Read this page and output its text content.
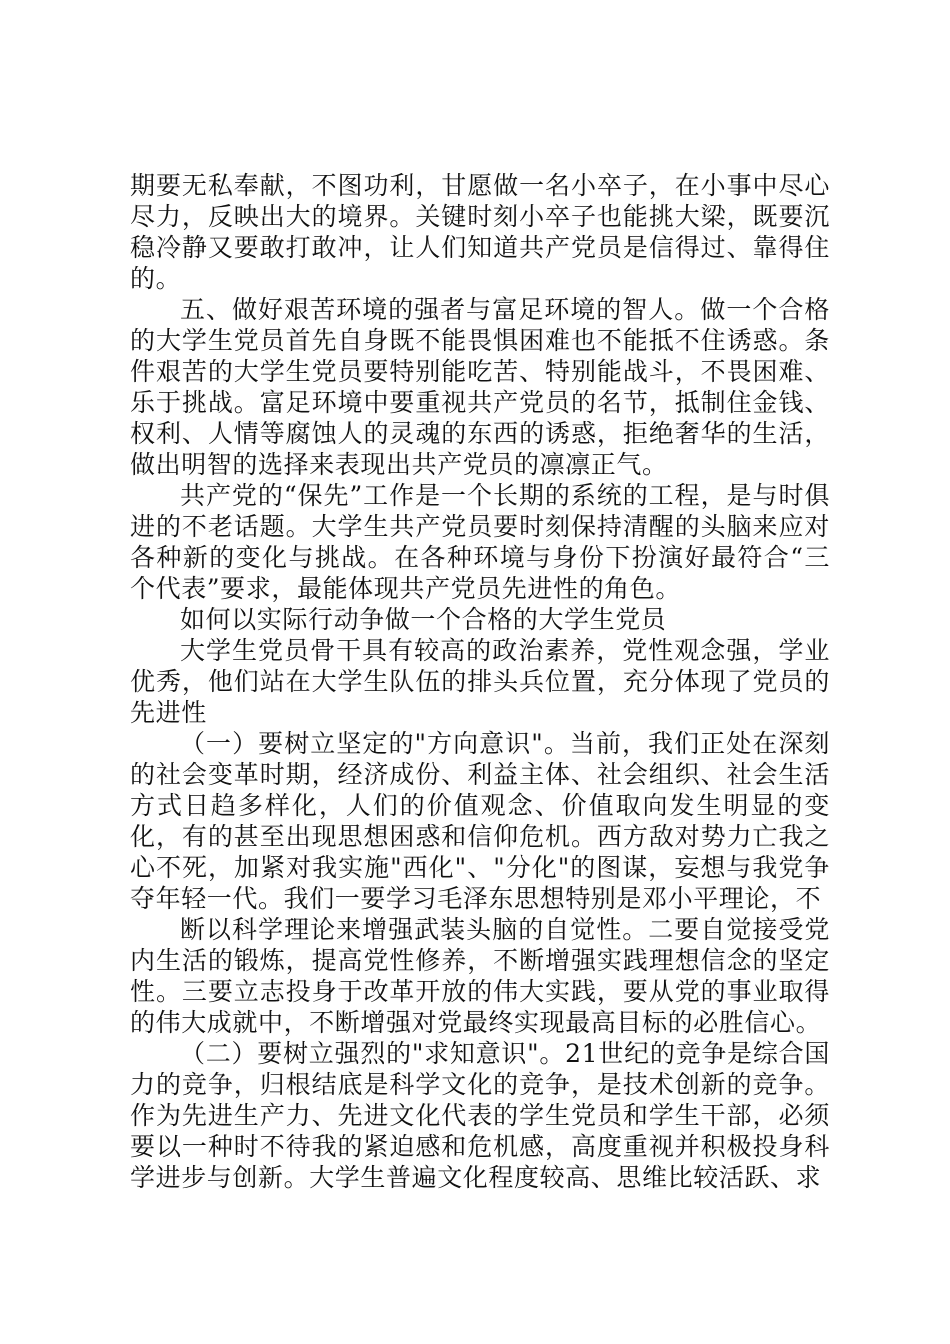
期要无私奉献，不图功利，甘愿做一名小卒子，在小事中尽心尽力，反映出大的境界。关键时刻小卒子也能挑大梁，既要沉稳冷静又要敢打敢冲，让人们知道共产党员是信得过、靠得住的。

五、做好艰苦环境的强者与富足环境的智人。做一个合格的大学生党员首先自身既不能畏惧困难也不能抵不住诱惑。条件艰苦的大学生党员要特别能吃苦、特别能战斗，不畏困难、乐于挑战。富足环境中要重视共产党员的名节，抵制住金钱、权利、人情等腐蚀人的灵魂的东西的诱惑，拒绝奢华的生活，做出明智的选择来表现出共产党员的凛凛正气。

共产党的“保先”工作是一个长期的系统的工程，是与时俱进的不老话题。大学生共产党员要时刻保持清醒的头脑来应对各种新的变化与挑战。在各种环境与身份下扮演好最符合“三个代表”要求，最能体现共产党员先进性的角色。

如何以实际行动争做一个合格的大学生党员

大学生党员骨干具有较高的政治素养，党性观念强，学业优秀，他们站在大学生队伍的排头兵位置，充分体现了党员的先进性

（一）要树立坚定的"方向意识"。当前，我们正处在深刻的社会变革时期，经济成份、利益主体、社会组织、社会生活方式日趋多样化，人们的价值观念、价值取向发生明显的变化，有的甚至出现思想困惑和信仰危机。西方敌对势力亡我之心不死，加紧对我实施"西化"、"分化"的图谋，妄想与我党争夺年轻一代。我们一要学习毛泽东思想特别是邓小平理论，不

断以科学理论来增强武装头脑的自觉性。二要自觉接受党内生活的锻炼，提高党性修养，不断增强实践理想信念的坚定性。三要立志投身于改革开放的伟大实践，要从党的事业取得的伟大成就中，不断增强对党最终实现最高目标的必胜信心。

（二）要树立强烈的"求知意识"。21世纪的竞争是综合国力的竞争，归根结底是科学文化的竞争，是技术创新的竞争。作为先进生产力、先进文化代表的学生党员和学生干部，必须要以一种时不待我的紧迫感和危机感，高度重视并积极投身科学进步与创新。大学生普遍文化程度较高、思维比较活跃、求
